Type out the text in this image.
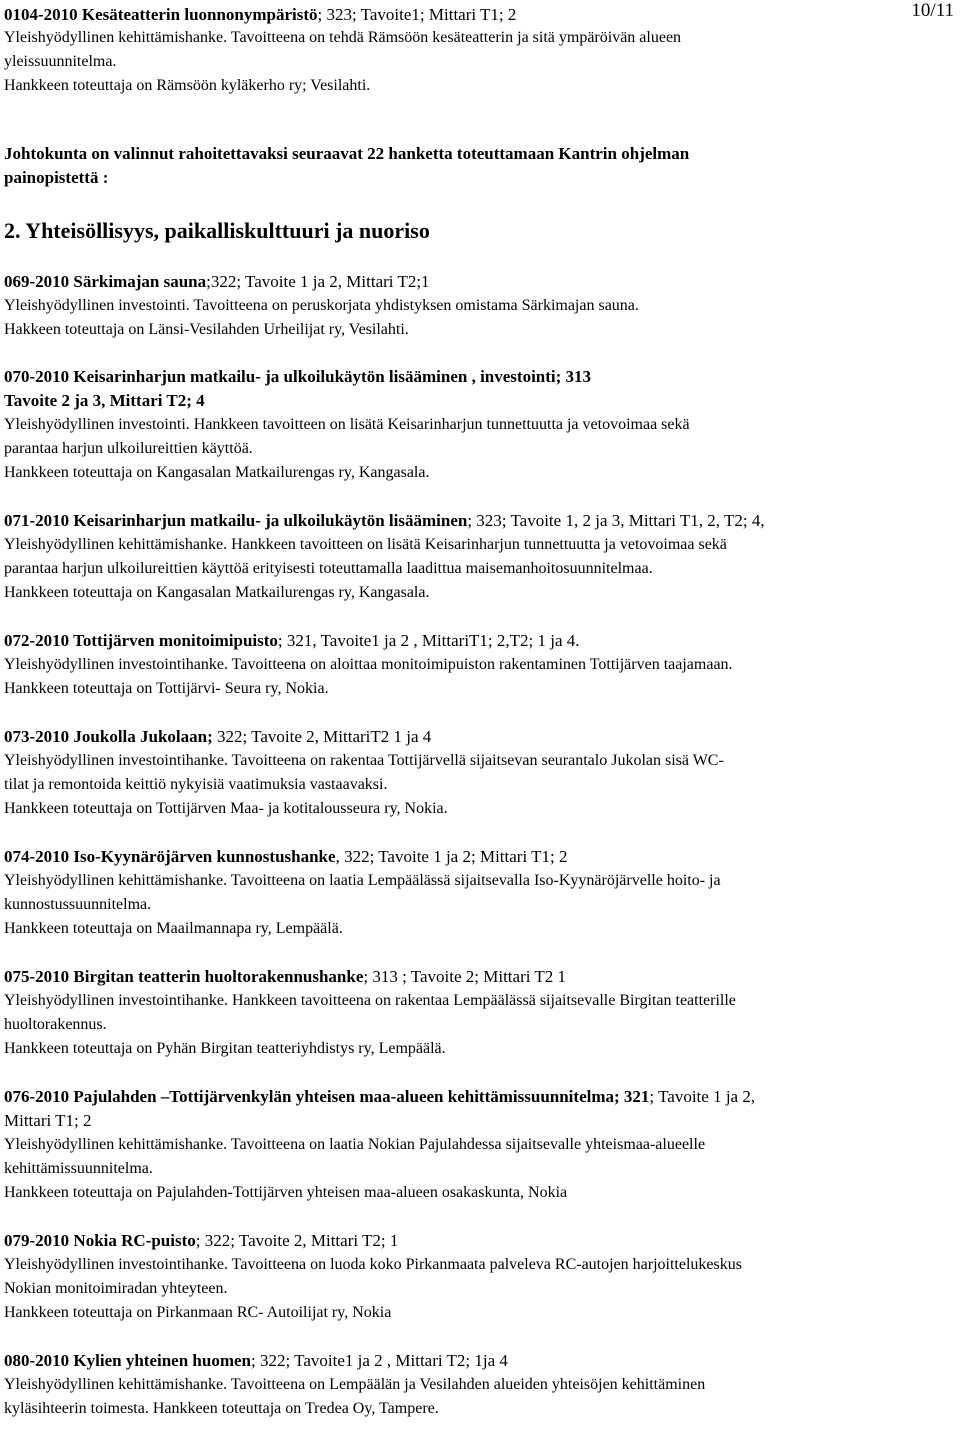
10/11
0104-2010 Kesäteatterin luonnonympäristö; 323; Tavoite1; Mittari T1; 2
Yleishyödyllinen kehittämishanke. Tavoitteena on tehdä Rämsöön kesäteatterin ja sitä ympäröivän alueen
yleissuunnitelma.
Hankkeen toteuttaja on Rämsöön kyläkerho ry; Vesilahti.
Johtokunta on valinnut rahoitettavaksi seuraavat 22 hanketta toteuttamaan Kantrin ohjelman
painopistettä :
2. Yhteisöllisyys, paikalliskulttuuri ja nuoriso
069-2010 Särkimajan sauna;322; Tavoite 1 ja 2, Mittari T2;1
Yleishyödyllinen investointi. Tavoitteena on peruskorjata yhdistyksen omistama Särkimajan sauna.
Hakkeen toteuttaja on Länsi-Vesilahden Urheilijat ry, Vesilahti.
070-2010 Keisarinharjun matkailu- ja ulkoilukäytön lisääminen , investointi; 313
Tavoite 2 ja 3, Mittari T2; 4
Yleishyödyllinen investointi. Hankkeen tavoitteen on lisätä Keisarinharjun tunnettuutta ja vetovoimaa sekä
parantaa harjun ulkoilureittien käyttöä.
Hankkeen toteuttaja on Kangasalan Matkailurengas ry, Kangasala.
071-2010 Keisarinharjun matkailu- ja ulkoilukäytön lisääminen; 323; Tavoite 1, 2 ja 3, Mittari T1, 2, T2; 4,
Yleishyödyllinen kehittämishanke. Hankkeen tavoitteen on lisätä Keisarinharjun tunnettuutta ja vetovoimaa sekä
parantaa harjun ulkoilureittien käyttöä erityisesti toteuttamalla laadittua maisemanhoitosuunnitelmaa.
Hankkeen toteuttaja on Kangasalan Matkailurengas ry, Kangasala.
072-2010 Tottijärven monitoimipuisto; 321, Tavoite1 ja 2 , MittariT1; 2,T2; 1 ja 4.
Yleishyödyllinen investointihanke. Tavoitteena on aloittaa monitoimipuiston rakentaminen Tottijärven taajamaan.
Hankkeen toteuttaja on Tottijärvi- Seura ry, Nokia.
073-2010 Joukolla Jukolaan; 322; Tavoite 2, MittariT2 1 ja 4
Yleishyödyllinen investointihanke. Tavoitteena on rakentaa Tottijärvellä sijaitsevan seurantalo Jukolan sisä WC-
tilat ja remontoida keittiö nykyisiä vaatimuksia vastaavaksi.
Hankkeen toteuttaja on Tottijärven Maa- ja kotitalousseura ry, Nokia.
074-2010 Iso-Kyynäröjärven kunnostushanke, 322; Tavoite 1 ja 2; Mittari T1; 2
Yleishyödyllinen kehittämishanke. Tavoitteena on laatia Lempäälässä sijaitsevalla Iso-Kyynäröjärvelle hoito- ja
kunnostussuunnitelma.
Hankkeen toteuttaja on Maailmannapa ry, Lempäälä.
075-2010 Birgitan teatterin huoltorakennushanke; 313 ; Tavoite 2; Mittari T2 1
Yleishyödyllinen investointihanke. Hankkeen tavoitteena on rakentaa Lempäälässä sijaitsevalle Birgitan teatterille
huoltorakennus.
Hankkeen toteuttaja on Pyhän Birgitan teatteriyhdistys ry, Lempäälä.
076-2010 Pajulahden –Tottijärvenkylän yhteisen maa-alueen kehittämissuunnitelma; 321; Tavoite 1 ja 2,
Mittari T1; 2
Yleishyödyllinen kehittämishanke. Tavoitteena on laatia Nokian Pajulahdessa sijaitsevalle yhteismaa-alueelle
kehittämissuunnitelma.
Hankkeen toteuttaja on Pajulahden-Tottijärven yhteisen maa-alueen osakaskunta, Nokia
079-2010 Nokia RC-puisto; 322; Tavoite 2, Mittari T2; 1
Yleishyödyllinen investointihanke. Tavoitteena on luoda koko Pirkanmaata palveleva RC-autojen harjoittelukeskus
Nokian monitoimiradan yhteyteen.
Hankkeen toteuttaja on Pirkanmaan RC- Autoilijat ry, Nokia
080-2010 Kylien yhteinen huomen; 322; Tavoite1 ja 2 , Mittari T2; 1ja 4
Yleishyödyllinen kehittämishanke. Tavoitteena on Lempäälän ja Vesilahden alueiden yhteisöjen kehittäminen
kyläsihteerin toimesta. Hankkeen toteuttaja on Tredea Oy, Tampere.
